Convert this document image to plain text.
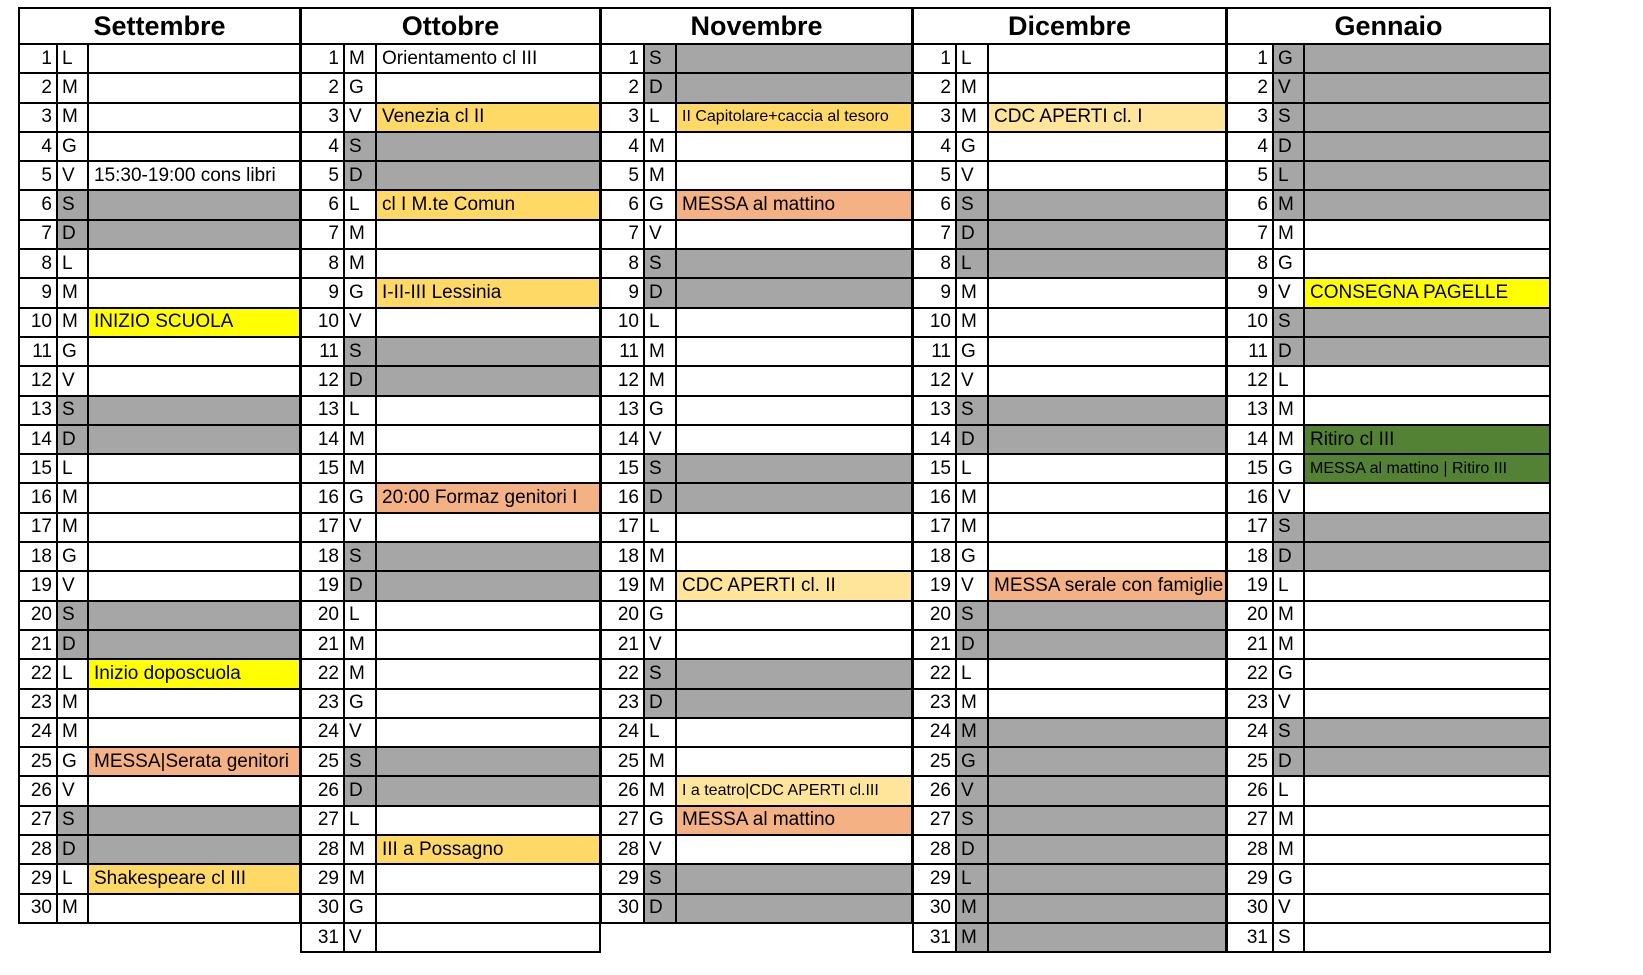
Settembre
1 L
2 M
3 M
4 G
5 V	15:30-19:00 cons libri
6 S
7 D
8 L
9 M
10 M INIZIO SCUOLA
11 G
12 V
13 S
14 D
15 L
16 M
17 M
18 G
19 V
20 S
21 D
22 L	Inizio doposcuola
23 M
24 M
25 G MESSA|Serata genitori
26 V
27 S
28 D
29 L	Shakespeare cl III
30 M
Ottobre
1 M Orientamento cl III
2 G
3 V	Venezia cl II
4 S
5 D
6 L	cl I M.te Comun
7 M
8 M
9 G I-II-III Lessinia
10 V
11 S
12 D
13 L
14 M
15 M
16 G 20:00 Formaz genitori I
17 V
18 S
19 D
20 L
21 M
22 M
23 G
24 V
25 S
26 D
27 L
28 M III a Possagno
29 M
30 G
31 V
Novembre
1 S
2 D
3 L	II Capitolare+caccia al tesoro
4 M
5 M
6 G MESSA al mattino
7 V
8 S
9 D
10 L
11 M
12 M
13 G
14 V
15 S
16 D
17 L
18 M
19 M CDC APERTI cl. II
20 G
21 V
22 S
23 D
24 L
25 M
26 M	I a teatro|CDC APERTI cl.III
27 G MESSA al mattino
28 V
29 S
30 D
Dicembre
1 L
2 M
3 M CDC APERTI cl. I
4 G
5 V
6 S
7 D
8 L
9 M
10 M
11 G
12 V
13 S
14 D
15 L
16 M
17 M
18 G
19 V	MESSA serale con famiglie
20 S
21 D
22 L
23 M
24 M
25 G
26 V
27 S
28 D
29 L
30 M
31 M
Gennaio
1 G
2 V
3 S
4 D
5 L
6 M
7 M
8 G
9 V	CONSEGNA PAGELLE
10 S
11 D
12 L
13 M
14 M Ritiro cl III
15 G	MESSA al mattino | Ritiro III
16 V
17 S
18 D
19 L
20 M
21 M
22 G
23 V
24 S
25 D
26 L
27 M
28 M
29 G
30 V
31 S
